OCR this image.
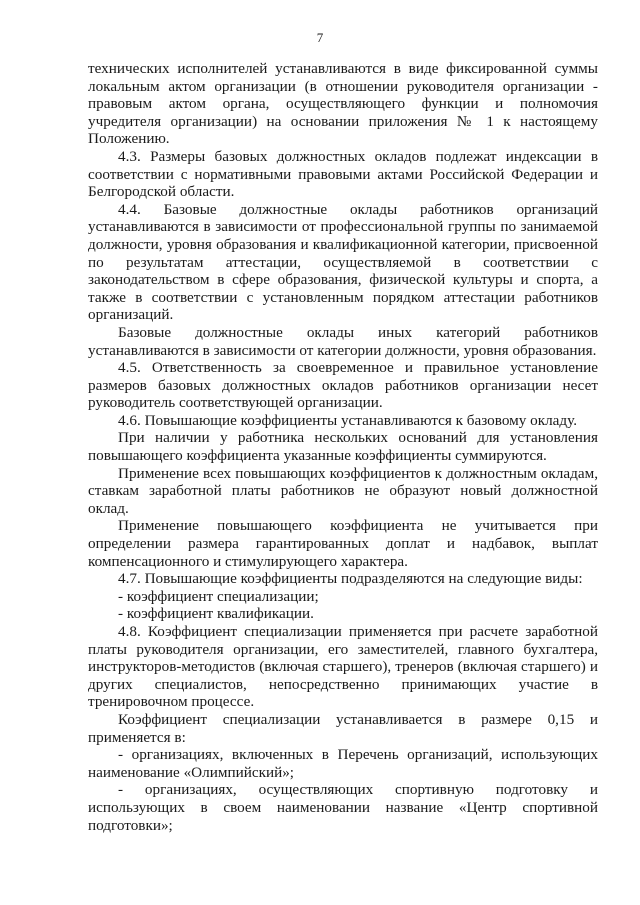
7

технических исполнителей устанавливаются в виде фиксированной суммы локальным актом организации (в отношении руководителя организации - правовым актом органа, осуществляющего функции и полномочия учредителя организации) на основании приложения № 1 к настоящему Положению.

4.3. Размеры базовых должностных окладов подлежат индексации в соответствии с нормативными правовыми актами Российской Федерации и Белгородской области.

4.4. Базовые должностные оклады работников организаций устанавливаются в зависимости от профессиональной группы по занимаемой должности, уровня образования и квалификационной категории, присвоенной по результатам аттестации, осуществляемой в соответствии с законодательством в сфере образования, физической культуры и спорта, а также в соответствии с установленным порядком аттестации работников организаций.

Базовые должностные оклады иных категорий работников устанавливаются в зависимости от категории должности, уровня образования.

4.5. Ответственность за своевременное и правильное установление размеров базовых должностных окладов работников организации несет руководитель соответствующей организации.

4.6. Повышающие коэффициенты устанавливаются к базовому окладу.

При наличии у работника нескольких оснований для установления повышающего коэффициента указанные коэффициенты суммируются.

Применение всех повышающих коэффициентов к должностным окладам, ставкам заработной платы работников не образуют новый должностной оклад.

Применение повышающего коэффициента не учитывается при определении размера гарантированных доплат и надбавок, выплат компенсационного и стимулирующего характера.

4.7. Повышающие коэффициенты подразделяются на следующие виды:

- коэффициент специализации;

- коэффициент квалификации.

4.8. Коэффициент специализации применяется при расчете заработной платы руководителя организации, его заместителей, главного бухгалтера, инструкторов-методистов (включая старшего), тренеров (включая старшего) и других специалистов, непосредственно принимающих участие в тренировочном процессе.

Коэффициент специализации устанавливается в размере 0,15 и применяется в:

- организациях, включенных в Перечень организаций, использующих наименование «Олимпийский»;

- организациях, осуществляющих спортивную подготовку и использующих в своем наименовании название «Центр спортивной подготовки»;
